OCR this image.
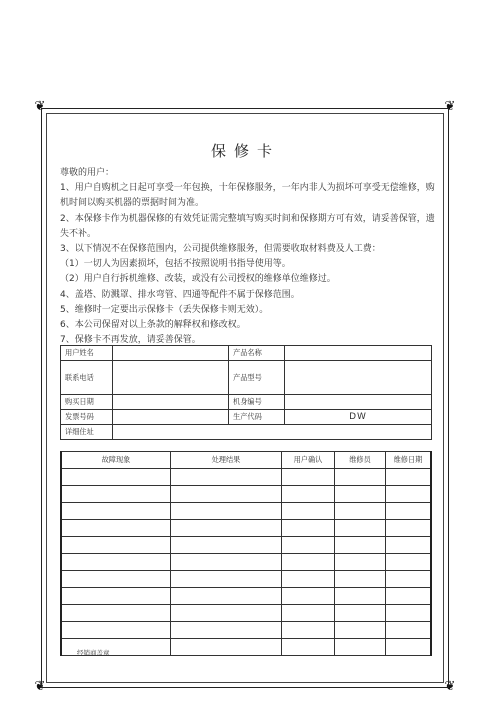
❦	❦
❦	❦
保修卡

尊敬的用户：

1、用户自购机之日起可享受一年包换，十年保修服务，一年内非人为损坏可享受无偿维修，购机时间以购买机器的票据时间为准。

2、本保修卡作为机器保修的有效凭证需完整填写购买时间和保修期方可有效，请妥善保管，遗失不补。

3、以下情况不在保修范围内，公司提供维修服务，但需要收取材料费及人工费：

（1）一切人为因素损坏，包括不按照说明书指导使用等。

（2）用户自行拆机维修、改装，或没有公司授权的维修单位维修过。

4、盖塔、防溅罩、排水弯管、四通等配件不属于保修范围。

5、维修时一定要出示保修卡（丢失保修卡则无效）。

6、本公司保留对以上条款的解释权和修改权。

7、保修卡不再发放，请妥善保管。

用户姓名		产品名称	
联系电话		产品型号	
购买日期		机身编号	
发票号码		生产代码	DW
详细住址			
故障现象	处理结果	用户确认	维修员	维修日期

经销商盖章
